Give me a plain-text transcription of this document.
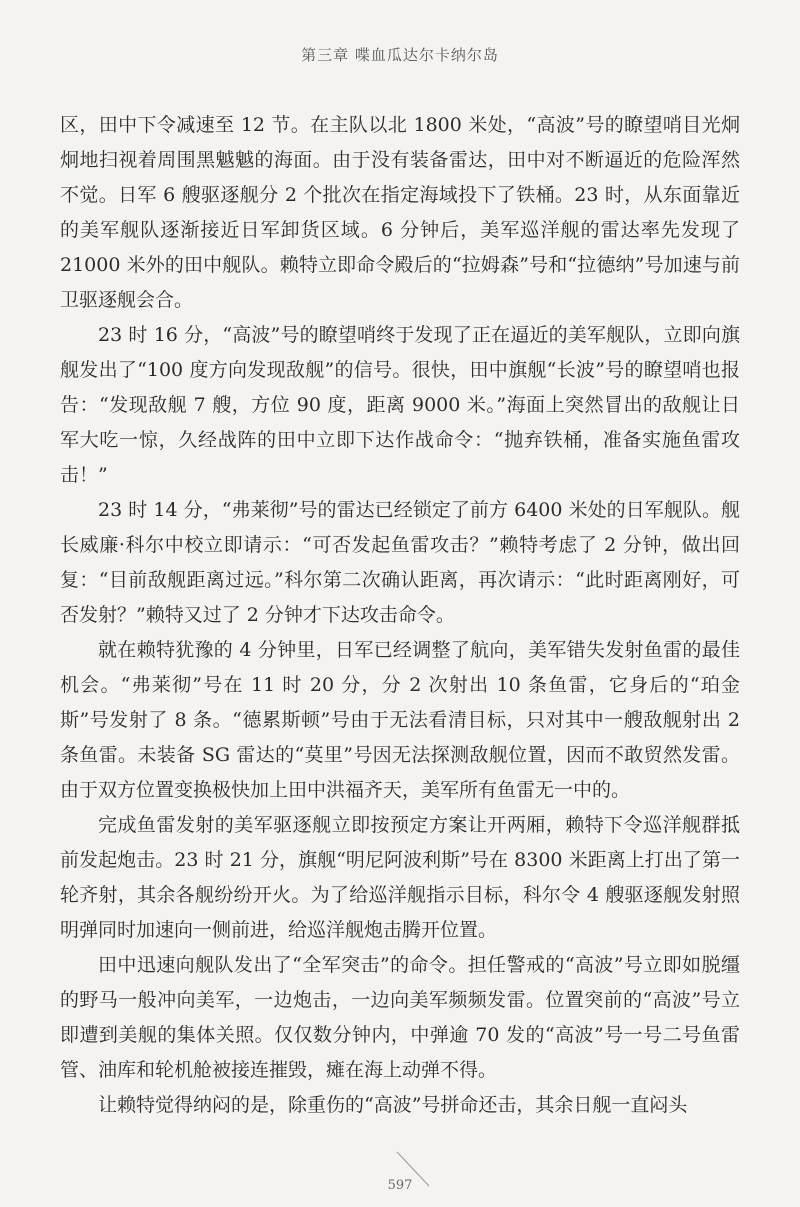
第三章 喋血瓜达尔卡纳尔岛

区，田中下令减速至 12 节。在主队以北 1800 米处，“高波”号的瞭望哨目光炯炯地扫视着周围黑魆魆的海面。由于没有装备雷达，田中对不断逼近的危险浑然不觉。日军 6 艘驱逐舰分 2 个批次在指定海域投下了铁桶。23 时，从东面靠近的美军舰队逐渐接近日军卸货区域。6 分钟后，美军巡洋舰的雷达率先发现了 21000 米外的田中舰队。赖特立即命令殿后的“拉姆森”号和“拉德纳”号加速与前卫驱逐舰会合。

23 时 16 分，“高波”号的瞭望哨终于发现了正在逼近的美军舰队，立即向旗舰发出了“100 度方向发现敌舰”的信号。很快，田中旗舰“长波”号的瞭望哨也报告：“发现敌舰 7 艘，方位 90 度，距离 9000 米。”海面上突然冒出的敌舰让日军大吃一惊，久经战阵的田中立即下达作战命令：“抛弃铁桶，准备实施鱼雷攻击！”

23 时 14 分，“弗莱彻”号的雷达已经锁定了前方 6400 米处的日军舰队。舰长威廉·科尔中校立即请示：“可否发起鱼雷攻击？”赖特考虑了 2 分钟，做出回复：“目前敌舰距离过远。”科尔第二次确认距离，再次请示：“此时距离刚好，可否发射？”赖特又过了 2 分钟才下达攻击命令。

就在赖特犹豫的 4 分钟里，日军已经调整了航向，美军错失发射鱼雷的最佳机会。“弗莱彻”号在 11 时 20 分，分 2 次射出 10 条鱼雷，它身后的“珀金斯”号发射了 8 条。“德累斯顿”号由于无法看清目标，只对其中一艘敌舰射出 2 条鱼雷。未装备 SG 雷达的“莫里”号因无法探测敌舰位置，因而不敢贸然发雷。由于双方位置变换极快加上田中洪福齐天，美军所有鱼雷无一中的。

完成鱼雷发射的美军驱逐舰立即按预定方案让开两厢，赖特下令巡洋舰群抵前发起炮击。23 时 21 分，旗舰“明尼阿波利斯”号在 8300 米距离上打出了第一轮齐射，其余各舰纷纷开火。为了给巡洋舰指示目标，科尔令 4 艘驱逐舰发射照明弹同时加速向一侧前进，给巡洋舰炮击腾开位置。

田中迅速向舰队发出了“全军突击”的命令。担任警戒的“高波”号立即如脱缰的野马一般冲向美军，一边炮击，一边向美军频频发雷。位置突前的“高波”号立即遭到美舰的集体关照。仅仅数分钟内，中弹逾 70 发的“高波”号一号二号鱼雷管、油库和轮机舱被接连摧毁，瘫在海上动弹不得。

让赖特觉得纳闷的是，除重伤的“高波”号拼命还击，其余日舰一直闷头

597
